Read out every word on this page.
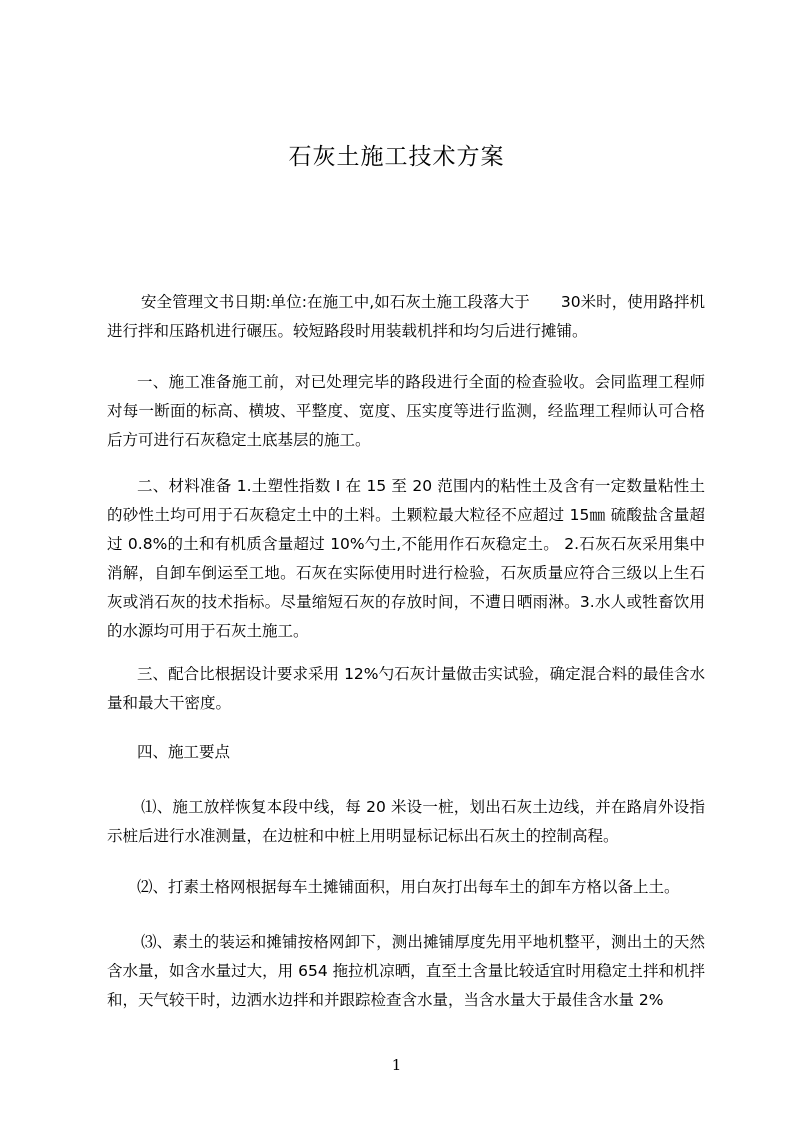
石灰土施工技术方案
安全管理文书日期:单位:在施工中,如石灰土施工段落大于　　30米时，使用路拌机进行拌和压路机进行碾压。较短路段时用装载机拌和均匀后进行摊铺。
一、施工准备施工前，对已处理完毕的路段进行全面的检查验收。会同监理工程师对每一断面的标高、横坡、平整度、宽度、压实度等进行监测，经监理工程师认可合格后方可进行石灰稳定土底基层的施工。
二、材料准备 1.土塑性指数 I 在 15 至 20 范围内的粘性土及含有一定数量粘性土的砂性土均可用于石灰稳定土中的土料。土颗粒最大粒径不应超过 15㎜ 硫酸盐含量超过 0.8%的土和有机质含量超过 10%勺土,不能用作石灰稳定土。 2.石灰石灰采用集中消解，自卸车倒运至工地。石灰在实际使用时进行检验，石灰质量应符合三级以上生石灰或消石灰的技术指标。尽量缩短石灰的存放时间，不遭日晒雨淋。3.水人或牲畜饮用的水源均可用于石灰土施工。
三、配合比根据设计要求采用 12%勺石灰计量做击实试验，确定混合料的最佳含水量和最大干密度。
四、施工要点
⑴、施工放样恢复本段中线，每 20 米设一桩，划出石灰土边线，并在路肩外设指示桩后进行水准测量，在边桩和中桩上用明显标记标出石灰土的控制高程。
⑵、打素土格网根据每车土摊铺面积，用白灰打出每车土的卸车方格以备上土。
⑶、素土的装运和摊铺按格网卸下，测出摊铺厚度先用平地机整平，测出土的天然含水量，如含水量过大，用 654 拖拉机凉晒，直至土含量比较适宜时用稳定土拌和机拌和，天气较干时，边洒水边拌和并跟踪检查含水量，当含水量大于最佳含水量 2%
1
